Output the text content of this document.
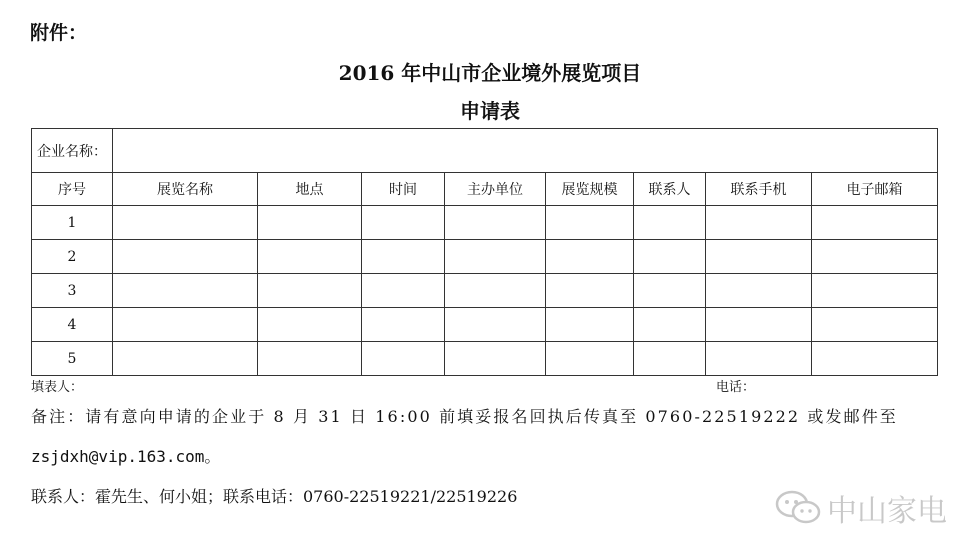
附件：
2016 年中山市企业境外展览项目
申请表
企业名称：								
序号	展览名称	地点	时间	主办单位	展览规模	联系人	联系手机	电子邮箱
1								
2								
3								
4								
5								
填表人：	电话：
备注：请有意向申请的企业于 8 月 31 日 16:00 前填妥报名回执后传真至 0760-22519222 或发邮件至
zsjdxh@vip.163.com。
联系人：霍先生、何小姐；联系电话：0760-22519221/22519226	中山家电
